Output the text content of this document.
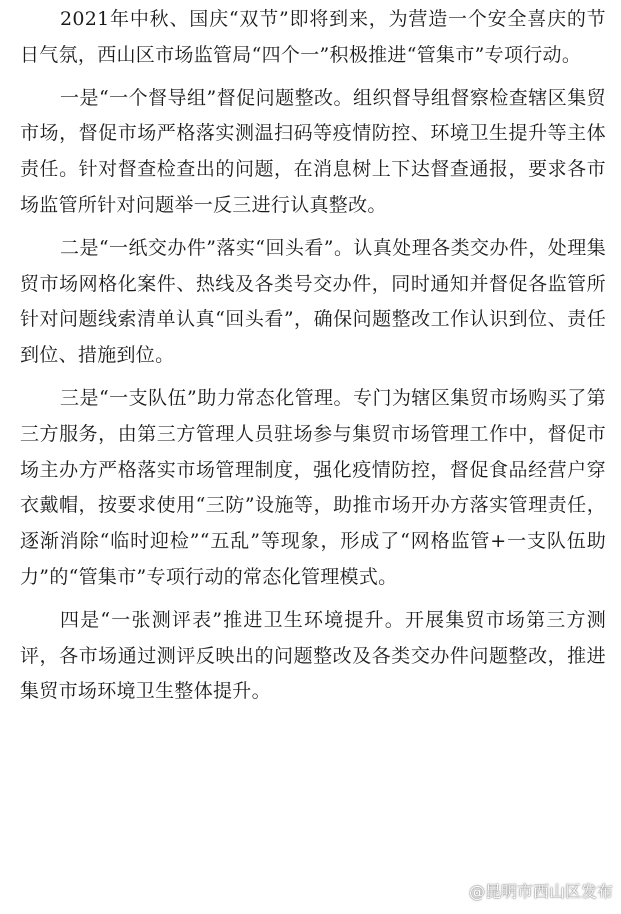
2021年中秋、国庆“双节”即将到来，为营造一个安全喜庆的节日气氛，西山区市场监管局“四个一”积极推进“管集市”专项行动。

一是“一个督导组”督促问题整改。组织督导组督察检查辖区集贸市场，督促市场严格落实测温扫码等疫情防控、环境卫生提升等主体责任。针对督查检查出的问题，在消息树上下达督查通报，要求各市场监管所针对问题举一反三进行认真整改。

二是“一纸交办件”落实“回头看”。认真处理各类交办件，处理集贸市场网格化案件、热线及各类号交办件，同时通知并督促各监管所针对问题线索清单认真“回头看”，确保问题整改工作认识到位、责任到位、措施到位。

三是“一支队伍”助力常态化管理。专门为辖区集贸市场购买了第三方服务，由第三方管理人员驻场参与集贸市场管理工作中，督促市场主办方严格落实市场管理制度，强化疫情防控，督促食品经营户穿衣戴帽，按要求使用“三防”设施等，助推市场开办方落实管理责任，逐渐消除“临时迎检”“五乱”等现象，形成了“网格监管+一支队伍助力”的“管集市”专项行动的常态化管理模式。

四是“一张测评表”推进卫生环境提升。开展集贸市场第三方测评，各市场通过测评反映出的问题整改及各类交办件问题整改，推进集贸市场环境卫生整体提升。

@昆明市西山区发布
